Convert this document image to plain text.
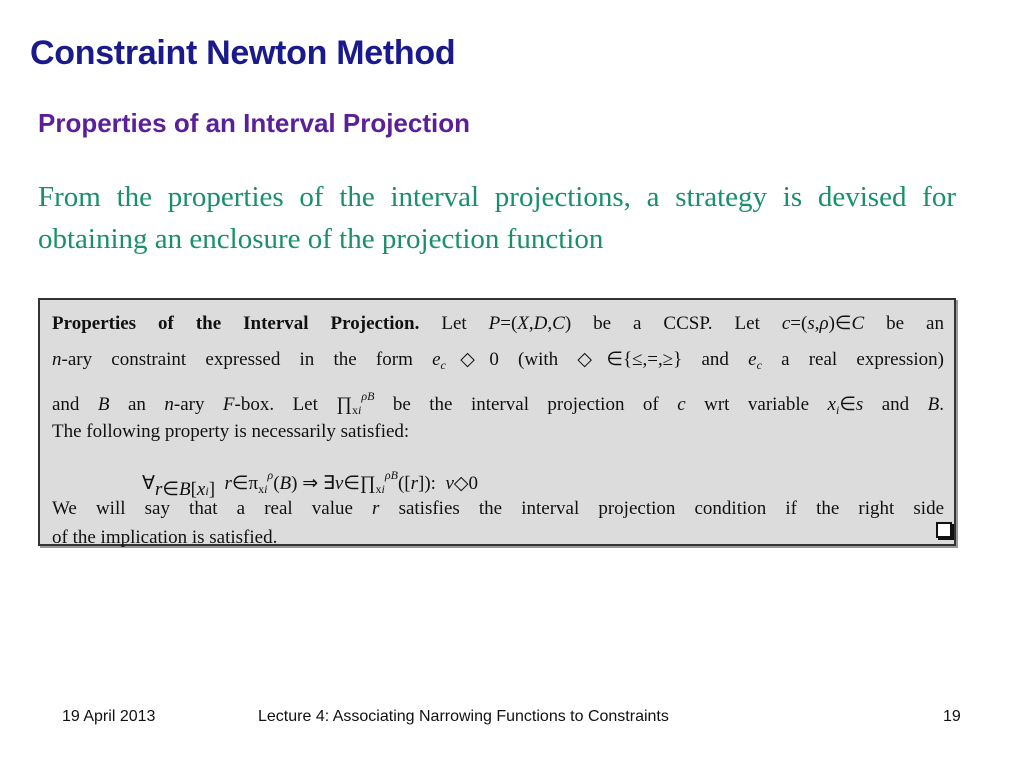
Constraint Newton Method
Properties of an Interval Projection
From the properties of the interval projections, a strategy is devised for obtaining an enclosure of the projection function
Properties of the Interval Projection. Let P=(X,D,C) be a CCSP. Let c=(s,ρ)∈C be an
n-ary constraint expressed in the form $e_c◇0$ (with ◇∈{≤,=,≥} and $e_c$ a real expression)
and B an n-ary F-box. Let $\prod_{xi}^{\rho B}$ be the interval projection of c wrt variable $x_i\in s$ and B.
The following property is necessarily satisfied:
∀r∈B[xi] $r\in\pi_{xi}^\rho(B)$ ⇒ $\exists v\in\prod_{xi}^{\rho B}([r])$:  v◇0
We will say that a real value r satisfies the interval projection condition if the right side
of the implication is satisfied.
19 April 2013	Lecture 4: Associating Narrowing Functions to Constraints	19
